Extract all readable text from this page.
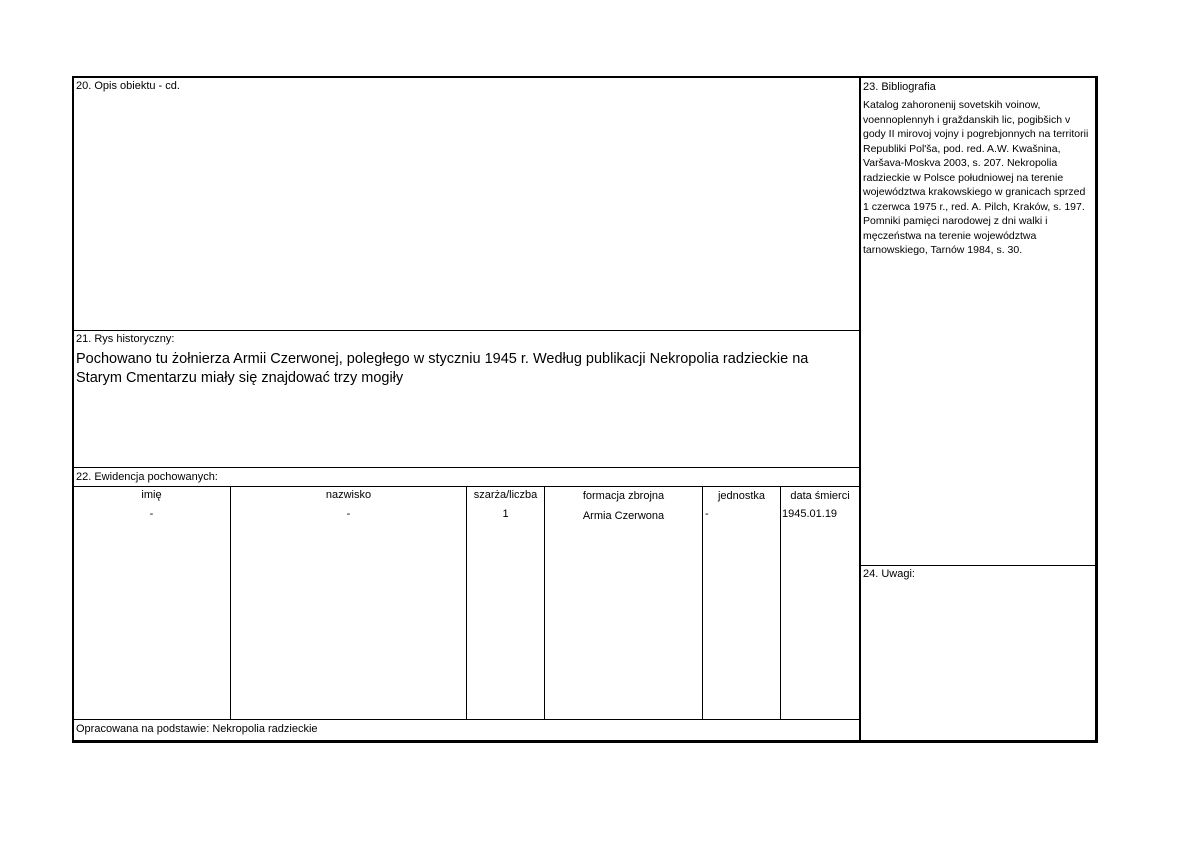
20. Opis obiektu - cd.
21. Rys historyczny:
Pochowano tu żołnierza Armii Czerwonej, poległego w styczniu 1945 r. Według publikacji Nekropolia radzieckie na Starym Cmentarzu miały się znajdować trzy mogiły
22. Ewidencja pochowanych:
imię	nazwisko	szarża/liczba	formacja zbrojna	jednostka	data śmierci
-	-	1	Armia Czerwona	-	1945.01.19
Opracowana na podstawie: Nekropolia radzieckie
23. Bibliografia
Katalog zahoronenij sovetskih voinow, voennoplennyh i graždanskih lic, pogibšich v gody II mirovoj vojny i pogrebjonnych na territorii Republiki Pol'ša, pod. red. A.W. Kwašnina, Varšava-Moskva 2003, s. 207. Nekropolia radzieckie w Polsce południowej na terenie województwa krakowskiego w granicach sprzed 1 czerwca 1975 r., red. A. Pilch, Kraków, s. 197. Pomniki pamięci narodowej z dni walki i męczeństwa na terenie województwa tarnowskiego, Tarnów 1984, s. 30.
24. Uwagi:
